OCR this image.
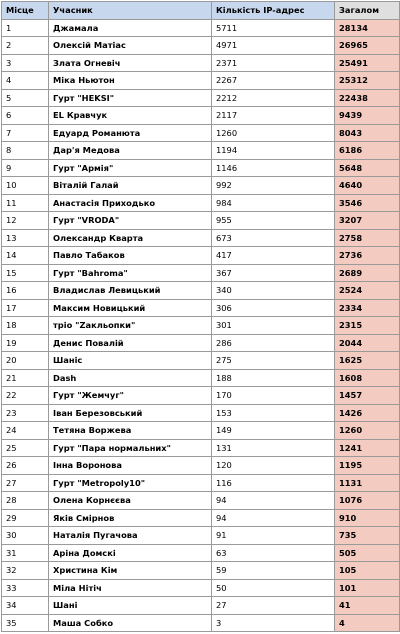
Місце	Учасник	Кількість IP-адрес	Загалом
1	Джамала	5711	28134
2	Олексій Матіас	4971	26965
3	Злата Огневіч	2371	25491
4	Міка Ньютон	2267	25312
5	Гурт "HEKSI"	2212	22438
6	EL Кравчук	2117	9439
7	Едуард Романюта	1260	8043
8	Дар'я Медова	1194	6186
9	Гурт "Армія"	1146	5648
10	Віталій Галай	992	4640
11	Анастасія Приходько	984	3546
12	Гурт "VRODA"	955	3207
13	Олександр Кварта	673	2758
14	Павло Табаков	417	2736
15	Гурт "Bahroma"	367	2689
16	Владислав Левицький	340	2524
17	Максим Новицький	306	2334
18	тріо "Zакльопки"	301	2315
19	Денис Повалій	286	2044
20	Шаніс	275	1625
21	Dash	188	1608
22	Гурт "Жемчуг"	170	1457
23	Іван Березовський	153	1426
24	Тетяна Воржева	149	1260
25	Гурт "Пара нормальних"	131	1241
26	Інна Воронова	120	1195
27	Гурт "Metropoly10"	116	1131
28	Олена Корнєєва	94	1076
29	Яків Смірнов	94	910
30	Наталія Пугачова	91	735
31	Аріна Домскі	63	505
32	Христина Кім	59	105
33	Міла Нітіч	50	101
34	Шані	27	41
35	Маша Собко	3	4
